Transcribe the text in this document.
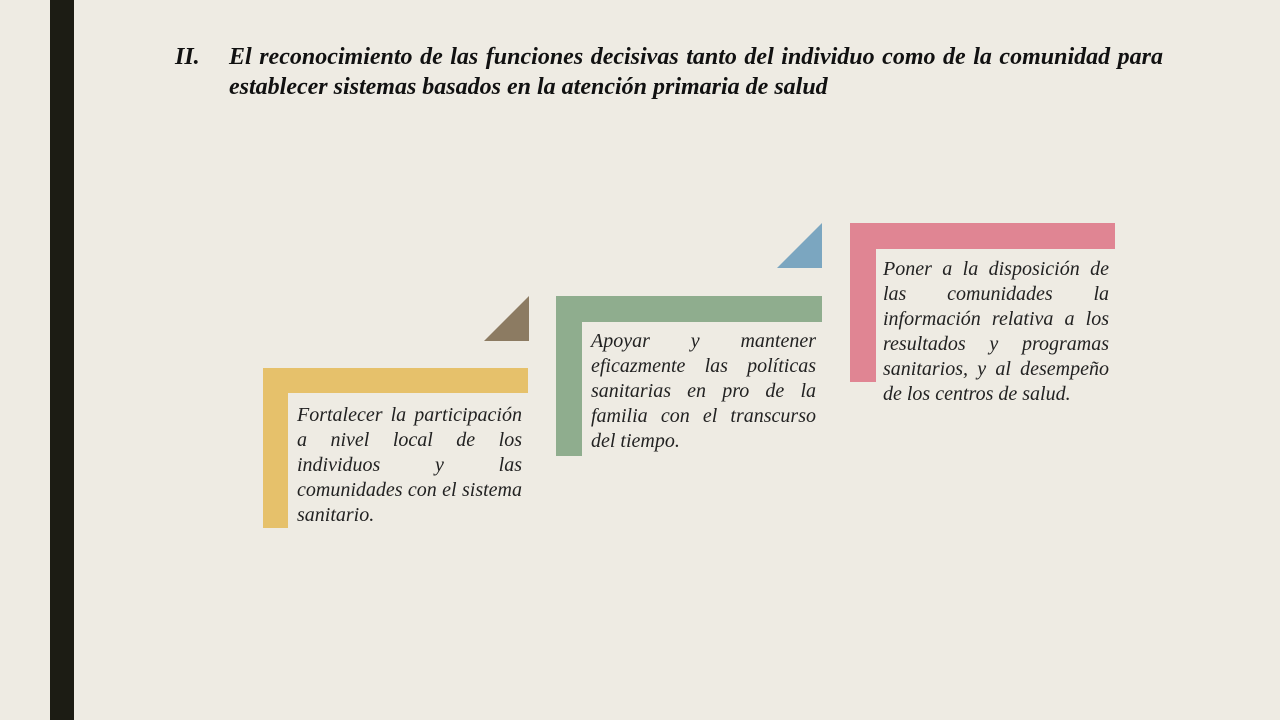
II. El reconocimiento de las funciones decisivas tanto del individuo como de la comunidad para establecer sistemas basados en la atención primaria de salud
Fortalecer la participación a nivel local de los individuos y las comunidades con el sistema sanitario.
Apoyar y mantener eficazmente las políticas sanitarias en pro de la familia con el transcurso del tiempo.
Poner a la disposición de las comunidades la información relativa a los resultados y programas sanitarios, y al desempeño de los centros de salud.
